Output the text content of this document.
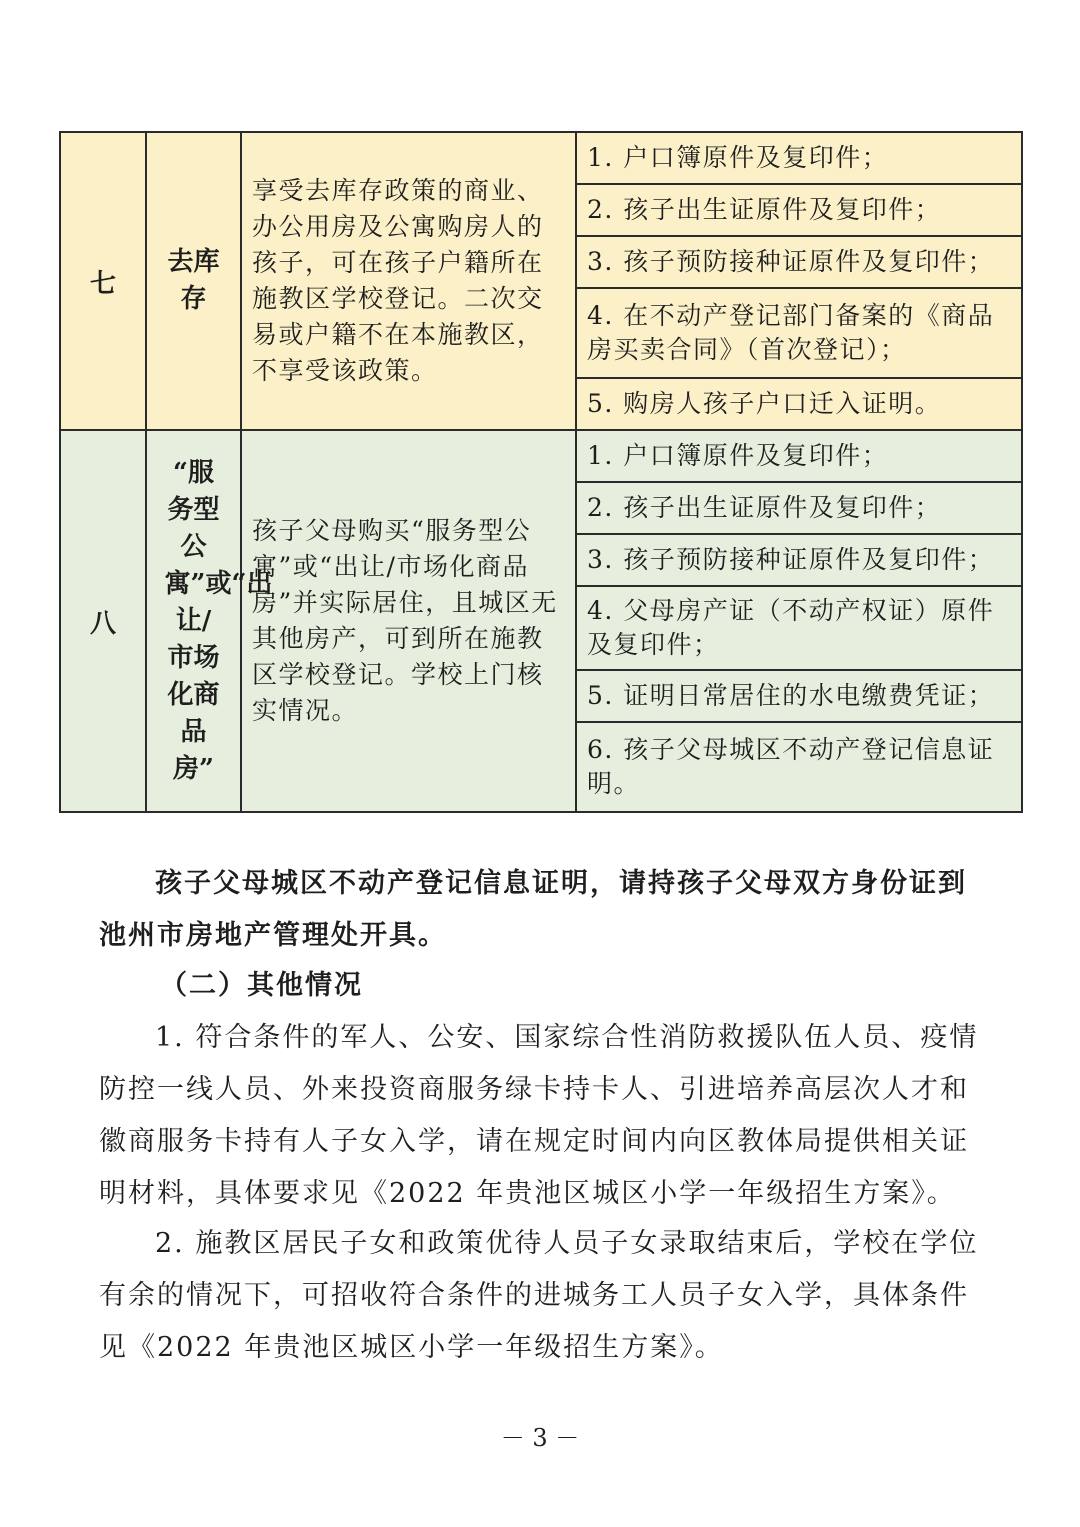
七	去库存	享受去库存政策的商业、办公用房及公寓购房人的孩子，可在孩子户籍所在施教区学校登记。二次交易或户籍不在本施教区，不享受该政策。	1. 户口簿原件及复印件；
			2. 孩子出生证原件及复印件；
			3. 孩子预防接种证原件及复印件；
			4. 在不动产登记部门备案的《商品房买卖合同》（首次登记）；
			5. 购房人孩子户口迁入证明。
八	“服务型公寓”或“出让/市场化商品房”	孩子父母购买“服务型公寓”或“出让/市场化商品房”并实际居住，且城区无其他房产，可到所在施教区学校登记。学校上门核实情况。	1. 户口簿原件及复印件；
			2. 孩子出生证原件及复印件；
			3. 孩子预防接种证原件及复印件；
			4. 父母房产证（不动产权证）原件及复印件；
			5. 证明日常居住的水电缴费凭证；
			6. 孩子父母城区不动产登记信息证明。

孩子父母城区不动产登记信息证明，请持孩子父母双方身份证到池州市房地产管理处开具。

（二）其他情况

1. 符合条件的军人、公安、国家综合性消防救援队伍人员、疫情防控一线人员、外来投资商服务绿卡持卡人、引进培养高层次人才和徽商服务卡持有人子女入学，请在规定时间内向区教体局提供相关证明材料，具体要求见《2022 年贵池区城区小学一年级招生方案》。

2. 施教区居民子女和政策优待人员子女录取结束后，学校在学位有余的情况下，可招收符合条件的进城务工人员子女入学，具体条件见《2022 年贵池区城区小学一年级招生方案》。

－ 3 －
